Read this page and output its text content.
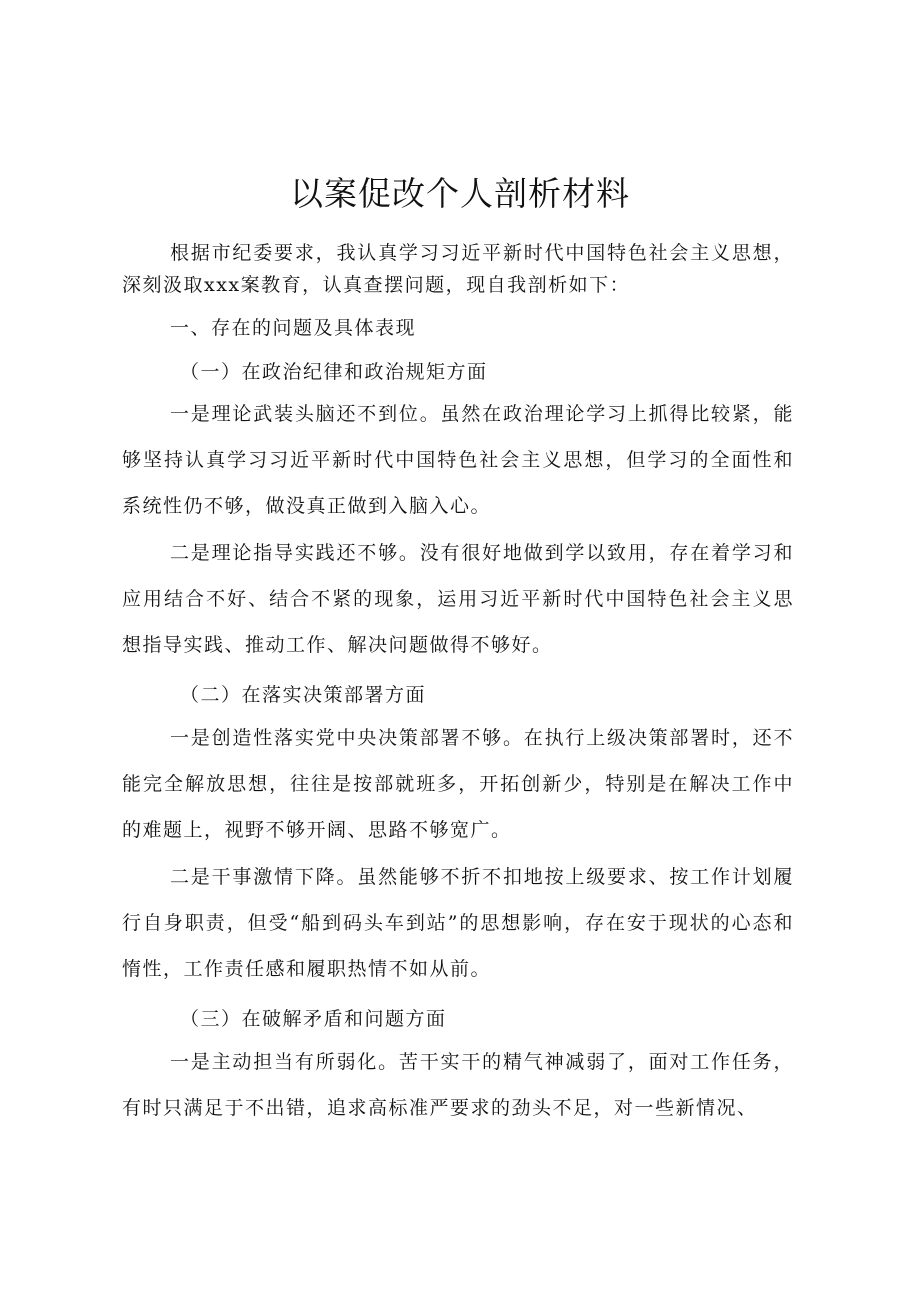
以案促改个人剖析材料

根据市纪委要求，我认真学习习近平新时代中国特色社会主义思想，深刻汲取xxx案教育，认真查摆问题，现自我剖析如下：

一、存在的问题及具体表现

（一）在政治纪律和政治规矩方面

一是理论武装头脑还不到位。虽然在政治理论学习上抓得比较紧，能够坚持认真学习习近平新时代中国特色社会主义思想，但学习的全面性和系统性仍不够，做没真正做到入脑入心。

二是理论指导实践还不够。没有很好地做到学以致用，存在着学习和应用结合不好、结合不紧的现象，运用习近平新时代中国特色社会主义思想指导实践、推动工作、解决问题做得不够好。

（二）在落实决策部署方面

一是创造性落实党中央决策部署不够。在执行上级决策部署时，还不能完全解放思想，往往是按部就班多，开拓创新少，特别是在解决工作中的难题上，视野不够开阔、思路不够宽广。

二是干事激情下降。虽然能够不折不扣地按上级要求、按工作计划履行自身职责，但受“船到码头车到站”的思想影响，存在安于现状的心态和惰性，工作责任感和履职热情不如从前。

（三）在破解矛盾和问题方面

一是主动担当有所弱化。苦干实干的精气神减弱了，面对工作任务，有时只满足于不出错，追求高标准严要求的劲头不足，对一些新情况、
